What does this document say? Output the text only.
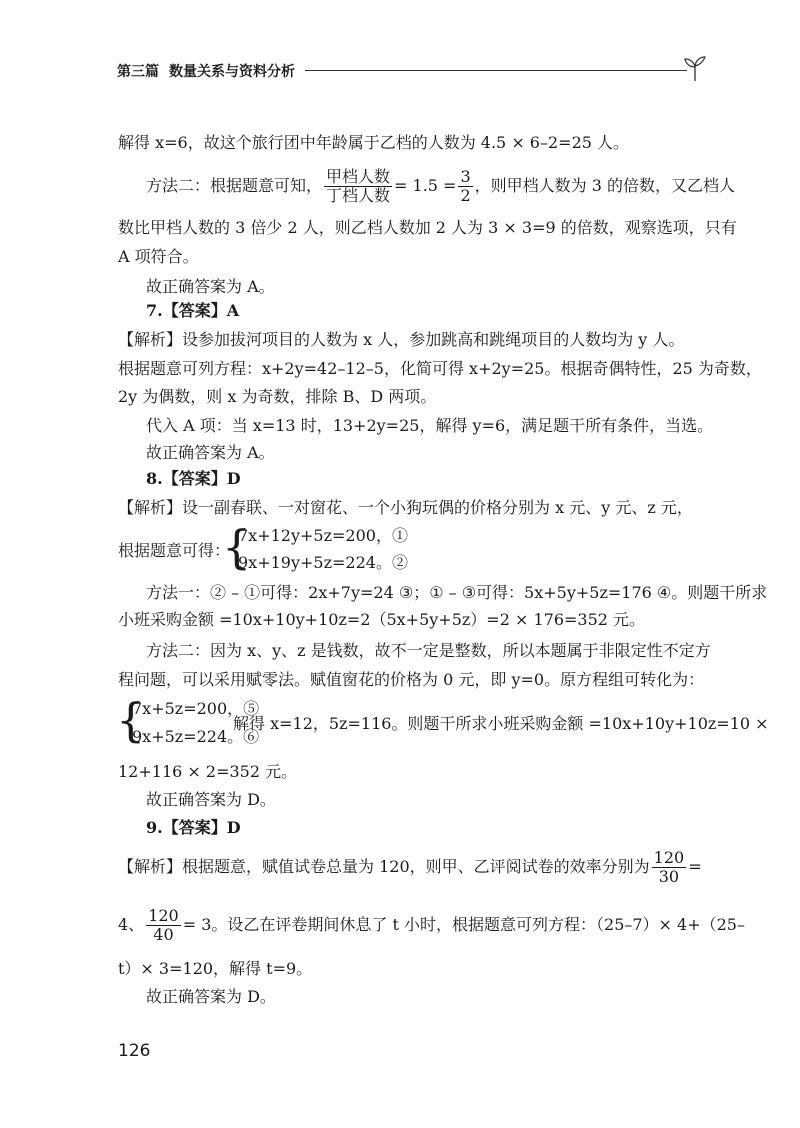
第三篇 数量关系与资料分析
解得 x=6，故这个旅行团中年龄属于乙档的人数为 4.5 × 6–2=25 人。
方法二：根据题意可知， $\frac{\text{甲档人数}}{\text{丁档人数}} = 1.5 = \frac{3}{2}$ ，则甲档人数为 3 的倍数，又乙档人
数比甲档人数的 3 倍少 2 人，则乙档人数加 2 人为 3 × 3=9 的倍数，观察选项，只有
A 项符合。
故正确答案为 A。
7.【答案】A
【解析】设参加拔河项目的人数为 x 人，参加跳高和跳绳项目的人数均为 y 人。
根据题意可列方程：x+2y=42–12–5，化简可得 x+2y=25。根据奇偶特性，25 为奇数，
2y 为偶数，则 x 为奇数，排除 B、D 两项。
代入 A 项：当 x=13 时，13+2y=25，解得 y=6，满足题干所有条件，当选。
故正确答案为 A。
8.【答案】D
【解析】设一副春联、一对窗花、一个小狗玩偶的价格分别为 x 元、y 元、z 元，
根据题意可得：
{
7x+12y+5z=200，①
9x+19y+5z=224。②
方法一：② – ①可得：2x+7y=24 ③；① – ③可得：5x+5y+5z=176 ④。则题干所求
小班采购金额 =10x+10y+10z=2（5x+5y+5z）=2 × 176=352 元。
方法二：因为 x、y、z 是钱数，故不一定是整数，所以本题属于非限定性不定方
程问题，可以采用赋零法。赋值窗花的价格为 0 元，即 y=0。原方程组可转化为：
{
7x+5z=200，⑤
9x+5z=224。⑥
解得 x=12，5z=116。则题干所求小班采购金额 =10x+10y+10z=10 ×
12+116 × 2=352 元。
故正确答案为 D。
9.【答案】D
【解析】根据题意，赋值试卷总量为 120，则甲、乙评阅试卷的效率分别为 $\frac{120}{30}$ =
4、 $\frac{120}{40} = 3$。设乙在评卷期间休息了 t 小时，根据题意可列方程：（25–7）× 4+（25–
t）× 3=120，解得 t=9。
故正确答案为 D。
126
